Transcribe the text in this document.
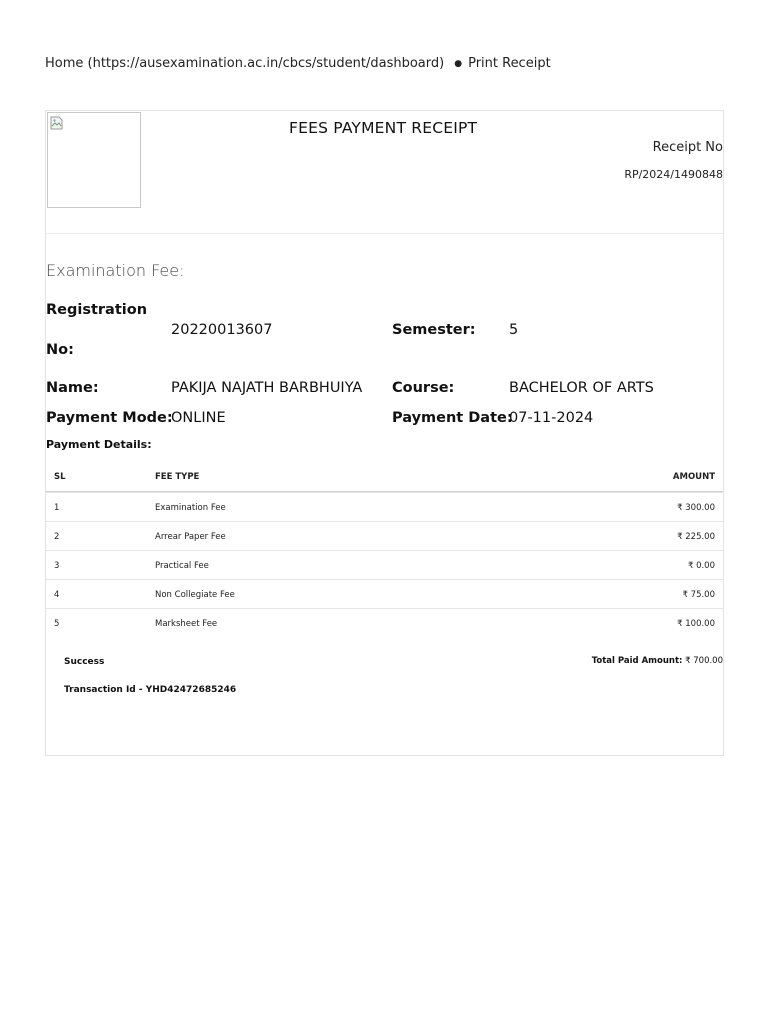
Home (https://ausexamination.ac.in/cbcs/student/dashboard) ● Print Receipt
FEES PAYMENT RECEIPT
Receipt No
RP/2024/1490848
Examination Fee:
Registration
No:
20220013607	Semester: 5
Name:	PAKIJA NAJATH BARBHUIYA Course:	BACHELOR OF ARTS
Payment Mode:
ONLINE	Payment Date:
07-11-2024
Payment Details:
SL	FEE TYPE	AMOUNT
1	Examination Fee	₹ 300.00
2	Arrear Paper Fee	₹ 225.00
3	Practical Fee	₹ 0.00
4	Non Collegiate Fee	₹ 75.00
5	Marksheet Fee	₹ 100.00
Success	Total Paid Amount: ₹ 700.00
Transaction Id - YHD42472685246
